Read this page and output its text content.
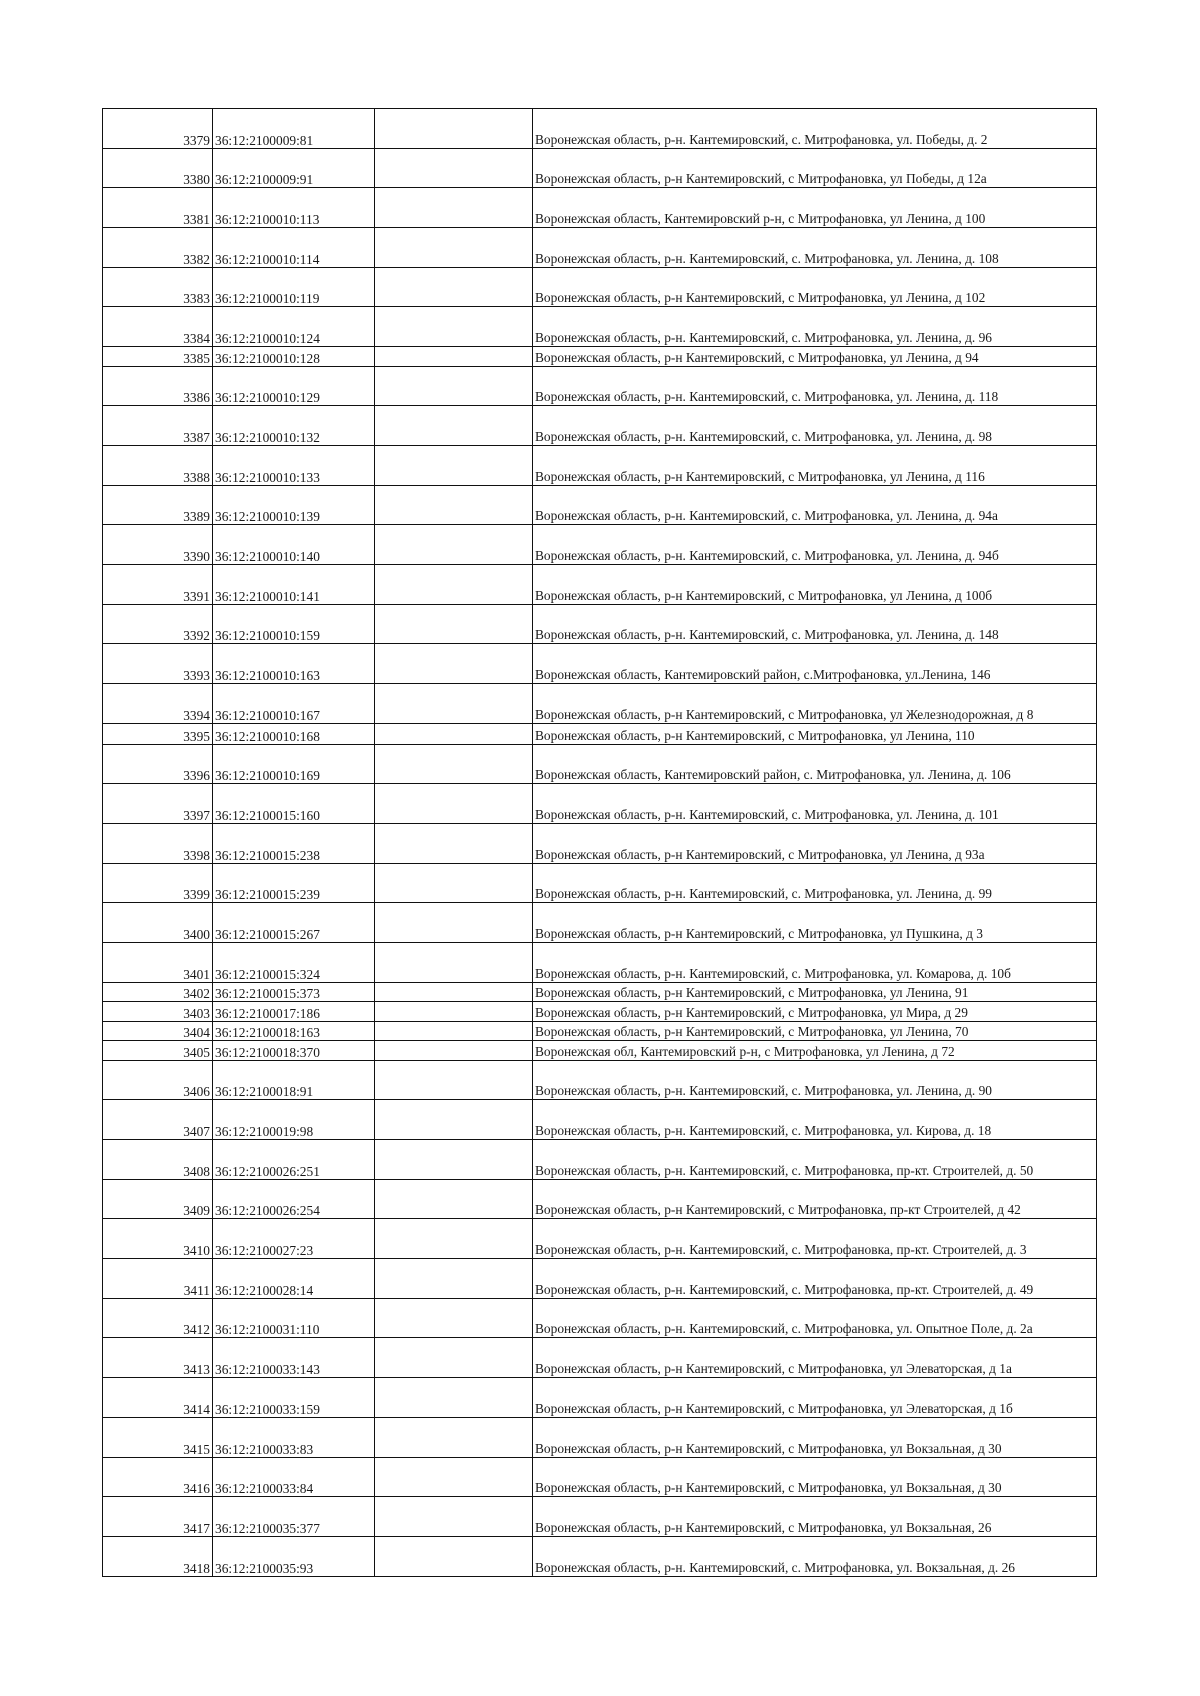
3379	36:12:2100009:81		Воронежская область, р-н. Кантемировский, с. Митрофановка, ул. Победы, д. 2
3380	36:12:2100009:91		Воронежская область, р-н Кантемировский, с Митрофановка, ул Победы, д 12а
3381	36:12:2100010:113		Воронежская область, Кантемировский р-н, с Митрофановка, ул Ленина, д 100
3382	36:12:2100010:114		Воронежская область, р-н. Кантемировский, с. Митрофановка, ул. Ленина, д. 108
3383	36:12:2100010:119		Воронежская область, р-н Кантемировский, с Митрофановка, ул Ленина, д 102
3384	36:12:2100010:124		Воронежская область, р-н. Кантемировский, с. Митрофановка, ул. Ленина, д. 96
3385	36:12:2100010:128		Воронежская область, р-н Кантемировский, с Митрофановка, ул Ленина, д 94
3386	36:12:2100010:129		Воронежская область, р-н. Кантемировский, с. Митрофановка, ул. Ленина, д. 118
3387	36:12:2100010:132		Воронежская область, р-н. Кантемировский, с. Митрофановка, ул. Ленина, д. 98
3388	36:12:2100010:133		Воронежская область, р-н Кантемировский, с Митрофановка, ул Ленина, д 116
3389	36:12:2100010:139		Воронежская область, р-н. Кантемировский, с. Митрофановка, ул. Ленина, д. 94а
3390	36:12:2100010:140		Воронежская область, р-н. Кантемировский, с. Митрофановка, ул. Ленина, д. 94б
3391	36:12:2100010:141		Воронежская область, р-н Кантемировский, с Митрофановка, ул Ленина, д 100б
3392	36:12:2100010:159		Воронежская область, р-н. Кантемировский, с. Митрофановка, ул. Ленина, д. 148
3393	36:12:2100010:163		Воронежская область, Кантемировский район, с.Митрофановка, ул.Ленина, 146
3394	36:12:2100010:167		Воронежская область, р-н Кантемировский, с Митрофановка, ул Железнодорожная, д 8
3395	36:12:2100010:168		Воронежская область, р-н Кантемировский, с Митрофановка, ул Ленина, 110
3396	36:12:2100010:169		Воронежская область, Кантемировский район, с. Митрофановка, ул. Ленина, д. 106
3397	36:12:2100015:160		Воронежская область, р-н. Кантемировский, с. Митрофановка, ул. Ленина, д. 101
3398	36:12:2100015:238		Воронежская область, р-н Кантемировский, с Митрофановка, ул Ленина, д 93а
3399	36:12:2100015:239		Воронежская область, р-н. Кантемировский, с. Митрофановка, ул. Ленина, д. 99
3400	36:12:2100015:267		Воронежская область, р-н Кантемировский, с Митрофановка, ул Пушкина, д 3
3401	36:12:2100015:324		Воронежская область, р-н. Кантемировский, с. Митрофановка, ул. Комарова, д. 10б
3402	36:12:2100015:373		Воронежская область, р-н Кантемировский, с Митрофановка, ул Ленина, 91
3403	36:12:2100017:186		Воронежская область, р-н Кантемировский, с Митрофановка, ул Мира, д 29
3404	36:12:2100018:163		Воронежская область, р-н Кантемировский, с Митрофановка, ул Ленина, 70
3405	36:12:2100018:370		Воронежская обл, Кантемировский р-н, с Митрофановка, ул Ленина, д 72
3406	36:12:2100018:91		Воронежская область, р-н. Кантемировский, с. Митрофановка, ул. Ленина, д. 90
3407	36:12:2100019:98		Воронежская область, р-н. Кантемировский, с. Митрофановка, ул. Кирова, д. 18
3408	36:12:2100026:251		Воронежская область, р-н. Кантемировский, с. Митрофановка, пр-кт. Строителей, д. 50
3409	36:12:2100026:254		Воронежская область, р-н Кантемировский, с Митрофановка, пр-кт Строителей, д 42
3410	36:12:2100027:23		Воронежская область, р-н. Кантемировский, с. Митрофановка, пр-кт. Строителей, д. 3
3411	36:12:2100028:14		Воронежская область, р-н. Кантемировский, с. Митрофановка, пр-кт. Строителей, д. 49
3412	36:12:2100031:110		Воронежская область, р-н. Кантемировский, с. Митрофановка, ул. Опытное Поле, д. 2а
3413	36:12:2100033:143		Воронежская область, р-н Кантемировский, с Митрофановка, ул Элеваторская, д 1а
3414	36:12:2100033:159		Воронежская область, р-н Кантемировский, с Митрофановка, ул Элеваторская, д 1б
3415	36:12:2100033:83		Воронежская область, р-н Кантемировский, с Митрофановка, ул Вокзальная, д 30
3416	36:12:2100033:84		Воронежская область, р-н Кантемировский, с Митрофановка, ул Вокзальная, д 30
3417	36:12:2100035:377		Воронежская область, р-н Кантемировский, с Митрофановка, ул Вокзальная, 26
3418	36:12:2100035:93		Воронежская область, р-н. Кантемировский, с. Митрофановка, ул. Вокзальная, д. 26
